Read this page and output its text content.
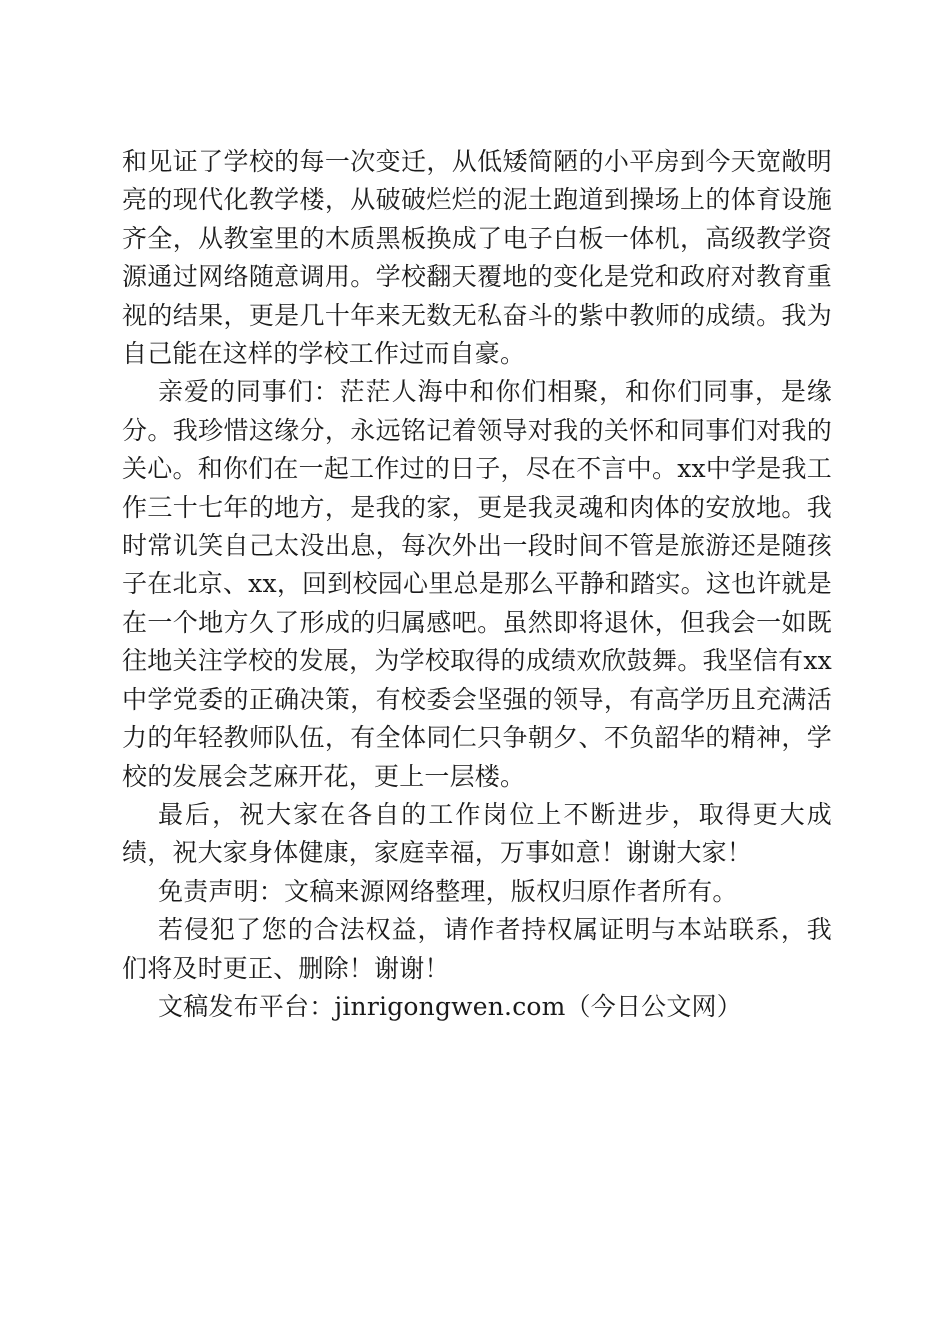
和见证了学校的每一次变迁，从低矮简陋的小平房到今天宽敞明亮的现代化教学楼，从破破烂烂的泥土跑道到操场上的体育设施齐全，从教室里的木质黑板换成了电子白板一体机，高级教学资源通过网络随意调用。学校翻天覆地的变化是党和政府对教育重视的结果，更是几十年来无数无私奋斗的紫中教师的成绩。我为自己能在这样的学校工作过而自豪。

亲爱的同事们：茫茫人海中和你们相聚，和你们同事，是缘分。我珍惜这缘分，永远铭记着领导对我的关怀和同事们对我的关心。和你们在一起工作过的日子，尽在不言中。xx中学是我工作三十七年的地方，是我的家，更是我灵魂和肉体的安放地。我时常讥笑自己太没出息，每次外出一段时间不管是旅游还是随孩子在北京、xx，回到校园心里总是那么平静和踏实。这也许就是在一个地方久了形成的归属感吧。虽然即将退休，但我会一如既往地关注学校的发展，为学校取得的成绩欢欣鼓舞。我坚信有xx中学党委的正确决策，有校委会坚强的领导，有高学历且充满活力的年轻教师队伍，有全体同仁只争朝夕、不负韶华的精神，学校的发展会芝麻开花，更上一层楼。

最后，祝大家在各自的工作岗位上不断进步，取得更大成绩，祝大家身体健康，家庭幸福，万事如意！谢谢大家！

免责声明：文稿来源网络整理，版权归原作者所有。

若侵犯了您的合法权益，请作者持权属证明与本站联系，我们将及时更正、删除！谢谢！

文稿发布平台：jinrigongwen.com（今日公文网）
